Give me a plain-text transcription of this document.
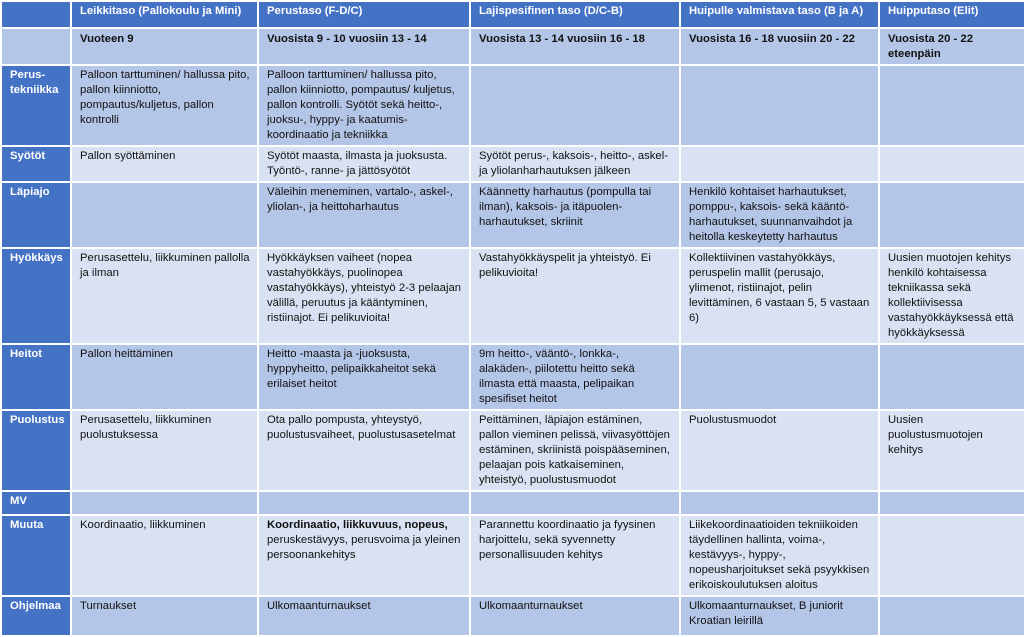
	Leikkitaso (Pallokoulu ja Mini)	Perustaso (F-D/C)	Lajispesifinen taso (D/C-B)	Huipulle valmistava taso (B ja A)	Huipputaso (Elit)
	Vuoteen 9	Vuosista 9 - 10 vuosiin 13 - 14	Vuosista 13 - 14 vuosiin 16 - 18	Vuosista 16 - 18 vuosiin 20 - 22	Vuosista 20 - 22 eteenpäin
Perus-
tekniikka	Palloon tarttuminen/ hallussa pito, pallon kiinniotto, pompautus/kuljetus, pallon kontrolli	Palloon tarttuminen/ hallussa pito, pallon kiinniotto, pompautus/ kuljetus, pallon kontrolli. Syötöt sekä heitto-, juoksu-, hyppy- ja kaatumis-koordinaatio ja tekniikka			
Syötöt	Pallon syöttäminen	Syötöt maasta, ilmasta ja juoksusta. Työntö-, ranne- ja jättösyötöt	Syötöt perus-, kaksois-, heitto-, askel-ja yliolanharhautuksen jälkeen		
Läpiajo		Väleihin meneminen, vartalo-, askel-, yliolan-, ja heittoharhautus	Käännetty harhautus (pompulla tai ilman), kaksois- ja itäpuolen-harhautukset, skriinit	Henkilö kohtaiset harhautukset, pomppu-, kaksois- sekä kääntö-harhautukset, suunnanvaihdot ja heitolla keskeytetty harhautus	
Hyökkäys	Perusasettelu, liikkuminen pallolla ja ilman	Hyökkäyksen vaiheet (nopea vastahyökkäys, puolinopea vastahyökkäys), yhteistyö 2-3 pelaajan välillä, peruutus ja kääntyminen, ristiinajot. Ei pelikuvioita!	Vastahyökkäyspelit ja yhteistyö. Ei pelikuvioita!	Kollektiivinen vastahyökkäys, peruspelin mallit (perusajo, ylimenot, ristiinajot, pelin levittäminen, 6 vastaan 5, 5 vastaan 6)	Uusien muotojen kehitys henkilö kohtaisessa tekniikassa sekä kollektiivisessa vastahyökkäyksessä että hyökkäyksessä
Heitot	Pallon heittäminen	Heitto -maasta ja -juoksusta, hyppyheitto, pelipaikkaheitot sekä erilaiset heitot	9m heitto-, vääntö-, lonkka-, alakäden-, piilotettu heitto sekä ilmasta että maasta, pelipaikan spesifiset heitot		
Puolustus	Perusasettelu, liikkuminen puolustuksessa	Ota pallo pompusta, yhteystyö, puolustusvaiheet, puolustusasetelmat	Peittäminen, läpiajon estäminen, pallon vieminen pelissä, viivasyöttöjen estäminen, skriinistä poispääseminen, pelaajan pois katkaiseminen, yhteistyö, puolustusmuodot	Puolustusmuodot	Uusien puolustusmuotojen kehitys
MV					
Muuta	Koordinaatio, liikkuminen	Koordinaatio, liikkuvuus, nopeus, peruskestävyys, perusvoima ja yleinen persoonankehitys	Parannettu koordinaatio ja fyysinen harjoittelu, sekä syvennetty personallisuuden kehitys	Liikekoordinaatioiden tekniikoiden täydellinen hallinta, voima-, kestävyys-, hyppy-, nopeusharjoitukset sekä psyykkisen erikoiskoulutuksen aloitus	
Ohjelmaa	Turnaukset	Ulkomaanturnaukset	Ulkomaanturnaukset	Ulkomaanturnaukset, B juniorit Kroatian leirillä	
